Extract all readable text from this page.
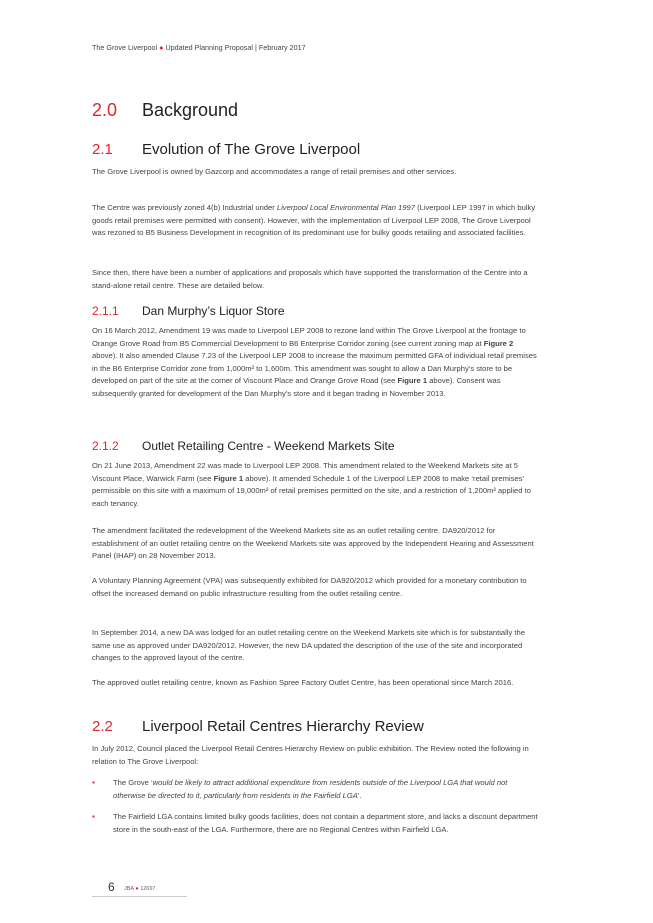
The Grove Liverpool ● Updated Planning Proposal | February 2017
2.0 Background
2.1 Evolution of The Grove Liverpool
The Grove Liverpool is owned by Gazcorp and accommodates a range of retail premises and other services.
The Centre was previously zoned 4(b) Industrial under Liverpool Local Environmental Plan 1997 (Liverpool LEP 1997 in which bulky goods retail premises were permitted with consent). However, with the implementation of Liverpool LEP 2008, The Grove Liverpool was rezoned to B5 Business Development in recognition of its predominant use for bulky goods retailing and associated facilities.
Since then, there have been a number of applications and proposals which have supported the transformation of the Centre into a stand-alone retail centre. These are detailed below.
2.1.1 Dan Murphy’s Liquor Store
On 16 March 2012, Amendment 19 was made to Liverpool LEP 2008 to rezone land within The Grove Liverpool at the frontage to Orange Grove Road from B5 Commercial Development to B6 Enterprise Corridor zoning (see current zoning map at Figure 2 above). It also amended Clause 7.23 of the Liverpool LEP 2008 to increase the maximum permitted GFA of individual retail premises in the B6 Enterprise Corridor zone from 1,000m² to 1,600m. This amendment was sought to allow a Dan Murphy’s store to be developed on part of the site at the corner of Viscount Place and Orange Grove Road (see Figure 1 above). Consent was subsequently granted for development of the Dan Murphy’s store and it began trading in November 2013.
2.1.2 Outlet Retailing Centre - Weekend Markets Site
On 21 June 2013, Amendment 22 was made to Liverpool LEP 2008. This amendment related to the Weekend Markets site at 5 Viscount Place, Warwick Farm (see Figure 1 above). It amended Schedule 1 of the Liverpool LEP 2008 to make ‘retail premises’ permissible on this site with a maximum of 19,000m² of retail premises permitted on the site, and a restriction of 1,200m² applied to each tenancy.
The amendment facilitated the redevelopment of the Weekend Markets site as an outlet retailing centre. DA920/2012 for establishment of an outlet retailing centre on the Weekend Markets site was approved by the Independent Hearing and Assessment Panel (IHAP) on 28 November 2013.
A Voluntary Planning Agreement (VPA) was subsequently exhibited for DA920/2012 which provided for a monetary contribution to offset the increased demand on public infrastructure resulting from the outlet retailing centre.
In September 2014, a new DA was lodged for an outlet retailing centre on the Weekend Markets site which is for substantially the same use as approved under DA920/2012. However, the new DA updated the description of the use of the site and incorporated changes to the approved layout of the centre.
The approved outlet retailing centre, known as Fashion Spree Factory Outlet Centre, has been operational since March 2016.
2.2 Liverpool Retail Centres Hierarchy Review
In July 2012, Council placed the Liverpool Retail Centres Hierarchy Review on public exhibition. The Review noted the following in relation to The Grove Liverpool:
▪ The Grove ‘would be likely to attract additional expenditure from residents outside of the Liverpool LGA that would not otherwise be directed to it, particularly from residents in the Fairfield LGA’.
▪ The Fairfield LGA contains limited bulky goods facilities, does not contain a department store, and lacks a discount department store in the south-east of the LGA. Furthermore, there are no Regional Centres within Fairfield LGA.
6 JBA ● 12697
